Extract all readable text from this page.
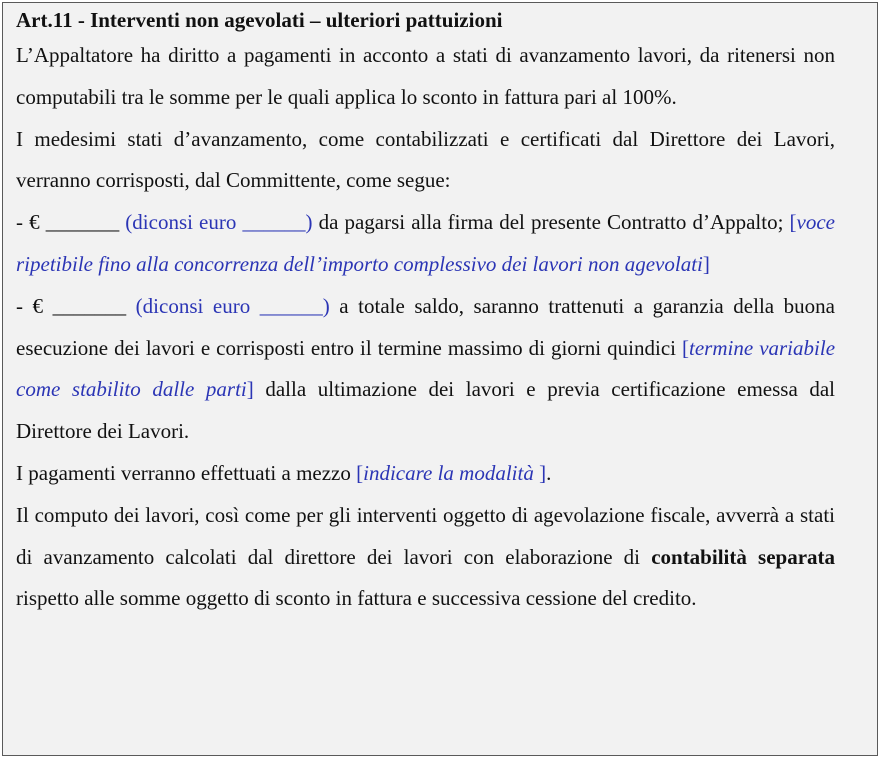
Art.11 - Interventi non agevolati – ulteriori pattuizioni
L’Appaltatore ha diritto a pagamenti in acconto a stati di avanzamento lavori, da ritenersi non computabili tra le somme per le quali applica lo sconto in fattura pari al 100%.
I medesimi stati d’avanzamento, come contabilizzati e certificati dal Direttore dei Lavori, verranno corrisposti, dal Committente, come segue:
- € _______ (diconsi euro ______) da pagarsi alla firma del presente Contratto d’Appalto; [voce ripetibile fino alla concorrenza dell’importo complessivo dei lavori non agevolati]
- € _______ (diconsi euro ______) a totale saldo, saranno trattenuti a garanzia della buona esecuzione dei lavori e corrisposti entro il termine massimo di giorni quindici [termine variabile come stabilito dalle parti] dalla ultimazione dei lavori e previa certificazione emessa dal Direttore dei Lavori.
I pagamenti verranno effettuati a mezzo [indicare la modalità ].
Il computo dei lavori, così come per gli interventi oggetto di agevolazione fiscale, avverrà a stati di avanzamento calcolati dal direttore dei lavori con elaborazione di contabilità separata rispetto alle somme oggetto di sconto in fattura e successiva cessione del credito.
